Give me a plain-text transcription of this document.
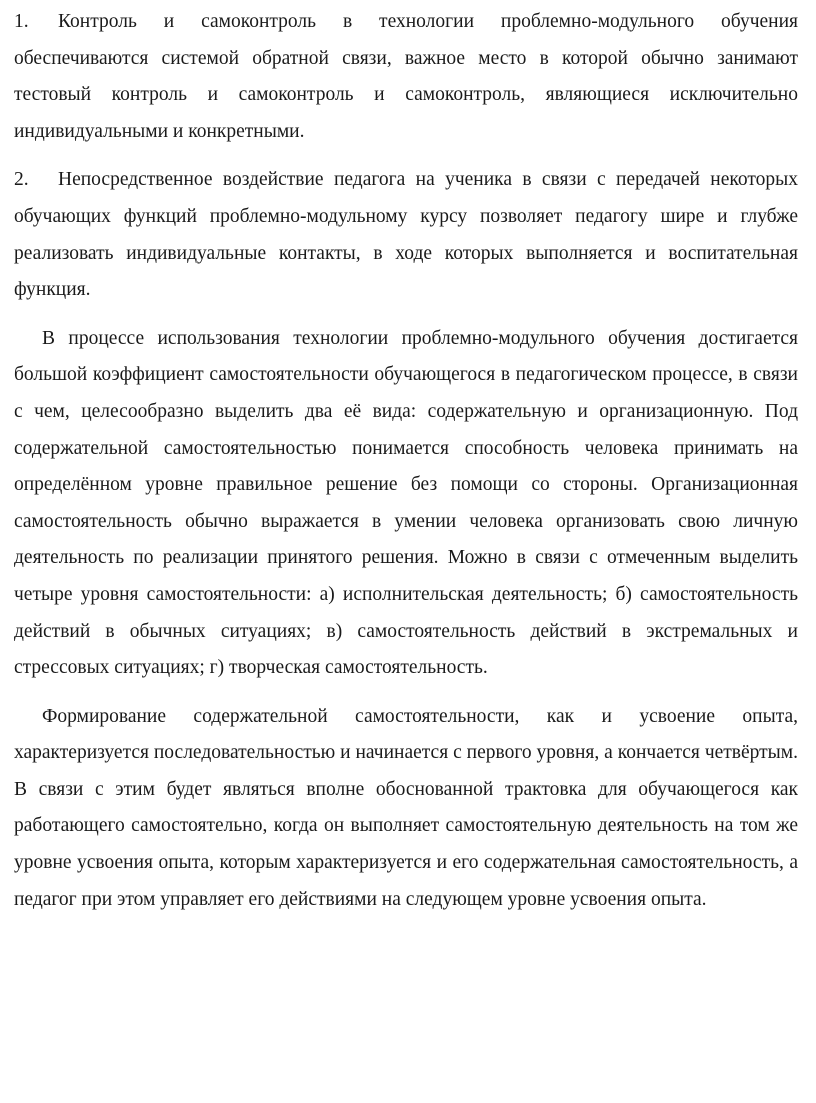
1. Контроль и самоконтроль в технологии проблемно-модульного обучения обеспечиваются системой обратной связи, важное место в которой обычно занимают тестовый контроль и самоконтроль и самоконтроль, являющиеся исключительно индивидуальными и конкретными.

2. Непосредственное воздействие педагога на ученика в связи с передачей некоторых обучающих функций проблемно-модульному курсу позволяет педагогу шире и глубже реализовать индивидуальные контакты, в ходе которых выполняется и воспитательная функция.

В процессе использования технологии проблемно-модульного обучения достигается большой коэффициент самостоятельности обучающегося в педагогическом процессе, в связи с чем, целесообразно выделить два её вида: содержательную и организационную. Под содержательной самостоятельностью понимается способность человека принимать на определённом уровне правильное решение без помощи со стороны. Организационная самостоятельность обычно выражается в умении человека организовать свою личную деятельность по реализации принятого решения. Можно в связи с отмеченным выделить четыре уровня самостоятельности: а) исполнительская деятельность; б) самостоятельность действий в обычных ситуациях; в) самостоятельность действий в экстремальных и стрессовых ситуациях; г) творческая самостоятельность.

Формирование содержательной самостоятельности, как и усвоение опыта, характеризуется последовательностью и начинается с первого уровня, а кончается четвёртым. В связи с этим будет являться вполне обоснованной трактовка для обучающегося как работающего самостоятельно, когда он выполняет самостоятельную деятельность на том же уровне усвоения опыта, которым характеризуется и его содержательная самостоятельность, а педагог при этом управляет его действиями на следующем уровне усвоения опыта.
